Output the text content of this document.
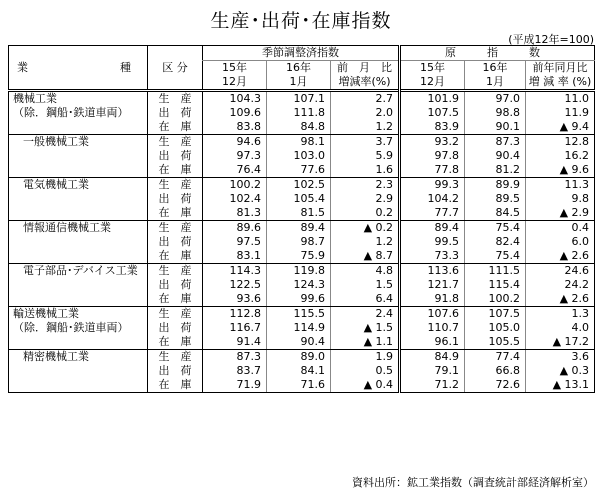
生産･出荷･在庫指数
(平成12年=100)
業 種	区 分	季節調整済指数			原　指　数		
		15年	16年	前　月　比	15年	16年	前年同月比
		12月	1月	増減率(%)	12月	1月	増 減 率 (%)

機械工業
（除．鋼船･鉄道車両）	生　産	104.3	107.1	2.7	101.9	97.0	11.0
	出　荷	109.6	111.8	2.0	107.5	98.8	11.9
	在　庫	83.8	84.8	1.2	83.9	90.1	▲ 9.4

一般機械工業	生　産	94.6	98.1	3.7	93.2	87.3	12.8
	出　荷	97.3	103.0	5.9	97.8	90.4	16.2
	在　庫	76.4	77.6	1.6	77.8	81.2	▲ 9.6

電気機械工業	生　産	100.2	102.5	2.3	99.3	89.9	11.3
	出　荷	102.4	105.4	2.9	104.2	89.5	9.8
	在　庫	81.3	81.5	0.2	77.7	84.5	▲ 2.9

情報通信機械工業	生　産	89.6	89.4	▲ 0.2	89.4	75.4	0.4
	出　荷	97.5	98.7	1.2	99.5	82.4	6.0
	在　庫	83.1	75.9	▲ 8.7	73.3	75.4	▲ 2.6

電子部品･デバイス工業	生　産	114.3	119.8	4.8	113.6	111.5	24.6
	出　荷	122.5	124.3	1.5	121.7	115.4	24.2
	在　庫	93.6	99.6	6.4	91.8	100.2	▲ 2.6

輸送機械工業
（除．鋼船･鉄道車両）	生　産	112.8	115.5	2.4	107.6	107.5	1.3
	出　荷	116.7	114.9	▲ 1.5	110.7	105.0	4.0
	在　庫	91.4	90.4	▲ 1.1	96.1	105.5	▲ 17.2

精密機械工業	生　産	87.3	89.0	1.9	84.9	77.4	3.6
	出　荷	83.7	84.1	0.5	79.1	66.8	▲ 0.3
	在　庫	71.9	71.6	▲ 0.4	71.2	72.6	▲ 13.1
資料出所：鉱工業指数（調査統計部経済解析室）
